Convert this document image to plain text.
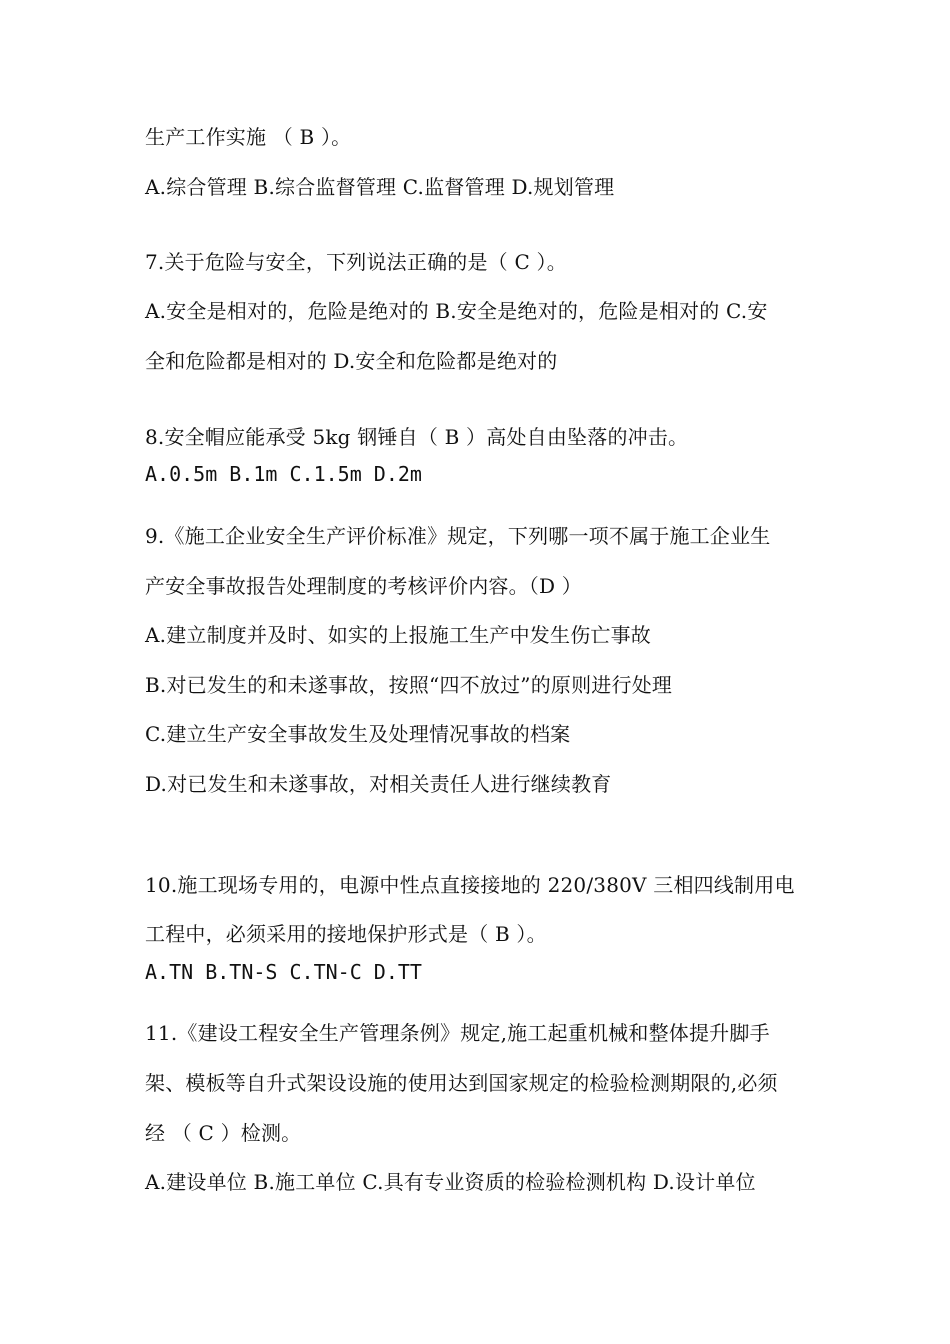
生产工作实施 （ B ）。
A.综合管理 B.综合监督管理 C.监督管理 D.规划管理
7.关于危险与安全，下列说法正确的是（ C ）。
A.安全是相对的，危险是绝对的 B.安全是绝对的，危险是相对的 C.安
全和危险都是相对的 D.安全和危险都是绝对的
8.安全帽应能承受 5kg 钢锤自（ B ）高处自由坠落的冲击。
A.0.5m B.1m C.1.5m D.2m
9.《施工企业安全生产评价标准》规定，下列哪一项不属于施工企业生
产安全事故报告处理制度的考核评价内容。（D ）
A.建立制度并及时、如实的上报施工生产中发生伤亡事故
B.对已发生的和未遂事故，按照“四不放过”的原则进行处理
C.建立生产安全事故发生及处理情况事故的档案
D.对已发生和未遂事故，对相关责任人进行继续教育
10.施工现场专用的，电源中性点直接接地的 220/380V 三相四线制用电
工程中，必须采用的接地保护形式是（ B ）。
A.TN B.TN-S C.TN-C D.TT
11.《建设工程安全生产管理条例》规定,施工起重机械和整体提升脚手
架、模板等自升式架设设施的使用达到国家规定的检验检测期限的,必须
经 （ C ）检测。
A.建设单位 B.施工单位 C.具有专业资质的检验检测机构 D.设计单位
